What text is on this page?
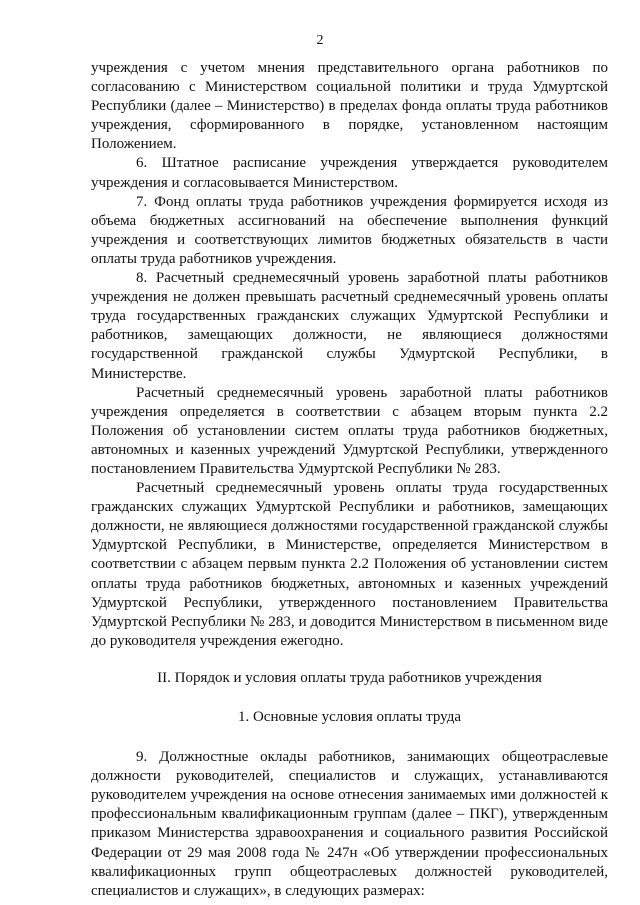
2

учреждения с учетом мнения представительного органа работников по согласованию с Министерством социальной политики и труда Удмуртской Республики (далее – Министерство) в пределах фонда оплаты труда работников учреждения, сформированного в порядке, установленном настоящим Положением.

6. Штатное расписание учреждения утверждается руководителем учреждения и согласовывается Министерством.

7. Фонд оплаты труда работников учреждения формируется исходя из объема бюджетных ассигнований на обеспечение выполнения функций учреждения и соответствующих лимитов бюджетных обязательств в части оплаты труда работников учреждения.

8. Расчетный среднемесячный уровень заработной платы работников учреждения не должен превышать расчетный среднемесячный уровень оплаты труда государственных гражданских служащих Удмуртской Республики и работников, замещающих должности, не являющиеся должностями государственной гражданской службы Удмуртской Республики, в Министерстве.

Расчетный среднемесячный уровень заработной платы работников учреждения определяется в соответствии с абзацем вторым пункта 2.2 Положения об установлении систем оплаты труда работников бюджетных, автономных и казенных учреждений Удмуртской Республики, утвержденного постановлением Правительства Удмуртской Республики № 283.

Расчетный среднемесячный уровень оплаты труда государственных гражданских служащих Удмуртской Республики и работников, замещающих должности, не являющиеся должностями государственной гражданской службы Удмуртской Республики, в Министерстве, определяется Министерством в соответствии с абзацем первым пункта 2.2 Положения об установлении систем оплаты труда работников бюджетных, автономных и казенных учреждений Удмуртской Республики, утвержденного постановлением Правительства Удмуртской Республики № 283, и доводится Министерством в письменном виде до руководителя учреждения ежегодно.

II. Порядок и условия оплаты труда работников учреждения

1. Основные условия оплаты труда

9. Должностные оклады работников, занимающих общеотраслевые должности руководителей, специалистов и служащих, устанавливаются руководителем учреждения на основе отнесения занимаемых ими должностей к профессиональным квалификационным группам (далее – ПКГ), утвержденным приказом Министерства здравоохранения и социального развития Российской Федерации от 29 мая 2008 года № 247н «Об утверждении профессиональных квалификационных групп общеотраслевых должностей руководителей, специалистов и служащих», в следующих размерах:
